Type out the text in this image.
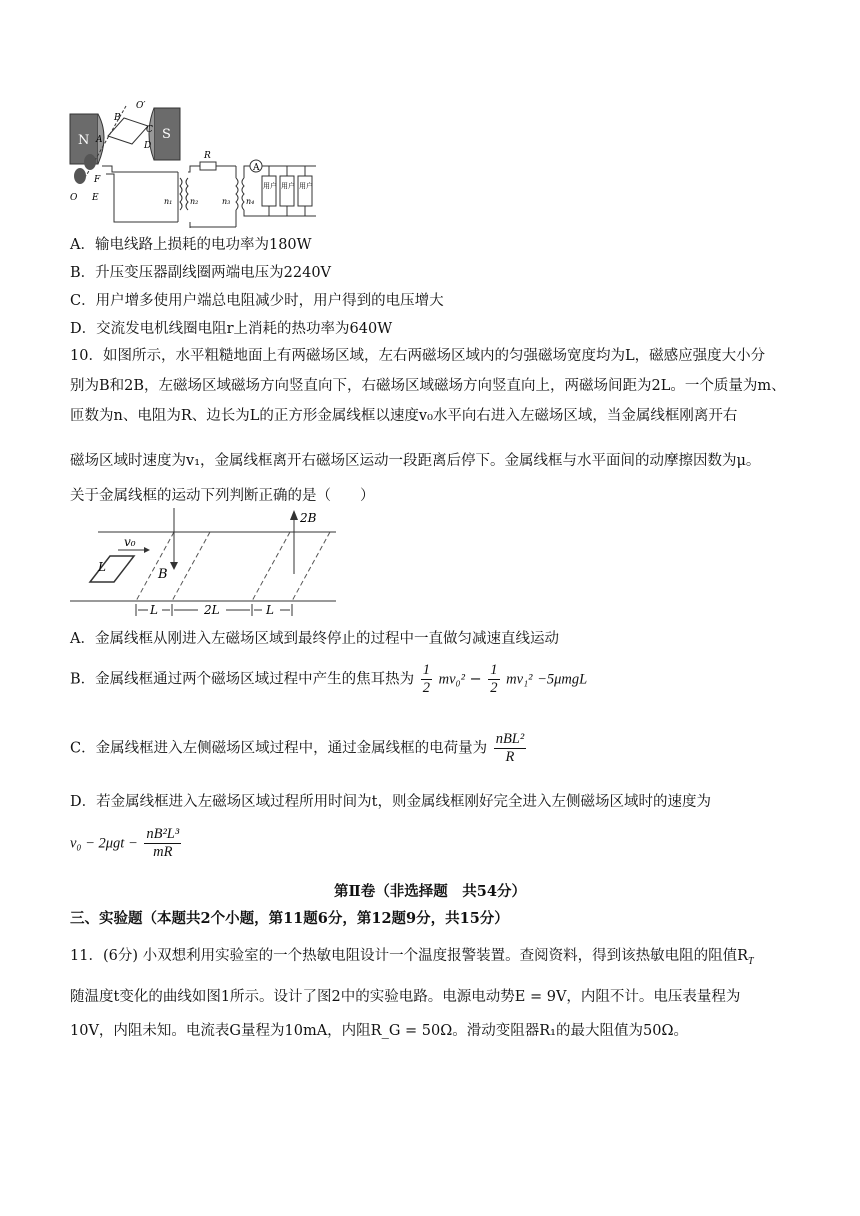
N	S
O′
B
C
D
A
F
E
O	n₁ n₂
R
n₃ n₄
A
用户 用户 用户
A．输电线路上损耗的电功率为180W
B．升压变压器副线圈两端电压为2240V
C．用户增多使用户端总电阻减少时，用户得到的电压增大
D．交流发电机线圈电阻r上消耗的热功率为640W
10．如图所示，水平粗糙地面上有两磁场区域，左右两磁场区域内的匀强磁场宽度均为L，磁感应强度大小分
别为B和2B，左磁场区域磁场方向竖直向下，右磁场区域磁场方向竖直向上，两磁场间距为2L。一个质量为m、
匝数为n、电阻为R、边长为L的正方形金属线框以速度v₀水平向右进入左磁场区域，当金属线框刚离开右
磁场区域时速度为v₁，金属线框离开右磁场区运动一段距离后停下。金属线框与水平面间的动摩擦因数为μ。
关于金属线框的运动下列判断正确的是（　　）
B
2B
L
v₀
L	2L	L
A．金属线框从刚进入左磁场区域到最终停止的过程中一直做匀减速直线运动
B．金属线框通过两个磁场区域过程中产生的焦耳热为 $\frac{1}{2} mv_0^2 - \frac{1}{2} mv_1^2 -5\mu mgL$
C．金属线框进入左侧磁场区域过程中，通过金属线框的电荷量为 $\frac{\text{nBL²}}{R}$
D．若金属线框进入左磁场区域过程所用时间为t，则金属线框刚好完全进入左侧磁场区域时的速度为
$v_0 - 2\mu gt - \frac{\text{nB²L³}}{mR}$
第Ⅱ卷（非选择题　共54分）
三、实验题（本题共2个小题，第11题6分，第12题9分，共15分）
11．(6分) 小双想利用实验室的一个热敏电阻设计一个温度报警装置。查阅资料，得到该热敏电阻的阻值$R_T$
随温度t变化的曲线如图1所示。设计了图2中的实验电路。电源电动势E = 9V，内阻不计。电压表量程为
10V，内阻未知。电流表G量程为10mA，内阻R_G = 50Ω。滑动变阻器R₁的最大阻值为50Ω。
